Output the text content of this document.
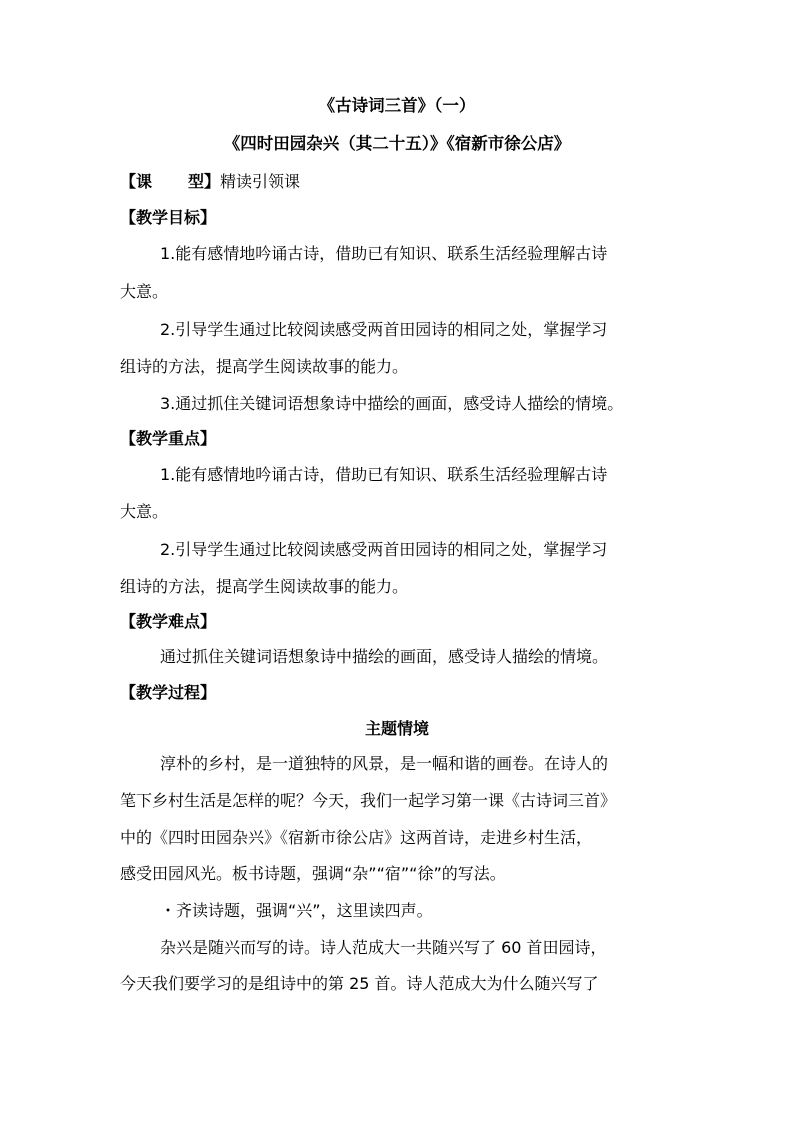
《古诗词三首》（一）
《四时田园杂兴（其二十五）》《宿新市徐公店》
【课 型】精读引领课
【教学目标】
1.能有感情地吟诵古诗，借助已有知识、联系生活经验理解古诗
大意。
2.引导学生通过比较阅读感受两首田园诗的相同之处，掌握学习
组诗的方法，提高学生阅读故事的能力。
3.通过抓住关键词语想象诗中描绘的画面，感受诗人描绘的情境。
【教学重点】
1.能有感情地吟诵古诗，借助已有知识、联系生活经验理解古诗
大意。
2.引导学生通过比较阅读感受两首田园诗的相同之处，掌握学习
组诗的方法，提高学生阅读故事的能力。
【教学难点】
通过抓住关键词语想象诗中描绘的画面，感受诗人描绘的情境。
【教学过程】
主题情境
淳朴的乡村，是一道独特的风景，是一幅和谐的画卷。在诗人的
笔下乡村生活是怎样的呢？今天，我们一起学习第一课《古诗词三首》
中的《四时田园杂兴》《宿新市徐公店》这两首诗，走进乡村生活，
感受田园风光。板书诗题，强调“杂”“宿”“徐”的写法。
・齐读诗题，强调“兴”，这里读四声。
杂兴是随兴而写的诗。诗人范成大一共随兴写了 60 首田园诗，
今天我们要学习的是组诗中的第 25 首。诗人范成大为什么随兴写了
